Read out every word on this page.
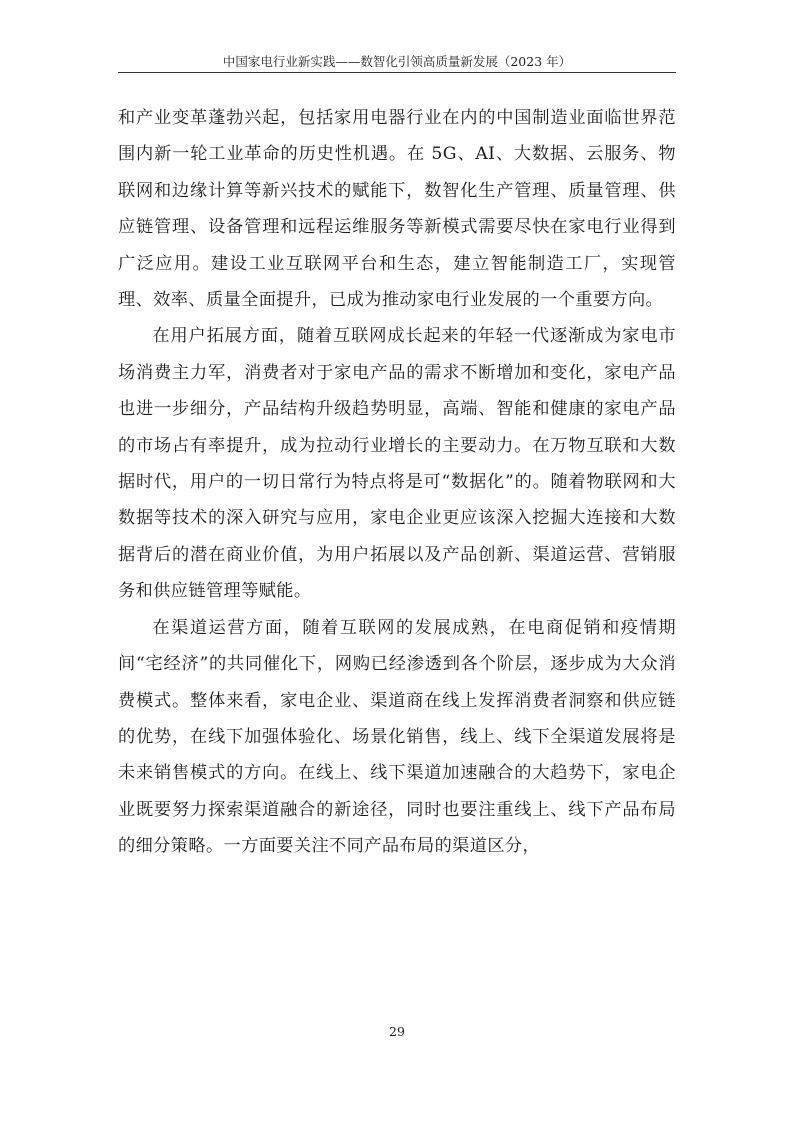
中国家电行业新实践——数智化引领高质量新发展（2023 年）

和产业变革蓬勃兴起，包括家用电器行业在内的中国制造业面临世界范围内新一轮工业革命的历史性机遇。在 5G、AI、大数据、云服务、物联网和边缘计算等新兴技术的赋能下，数智化生产管理、质量管理、供应链管理、设备管理和远程运维服务等新模式需要尽快在家电行业得到广泛应用。建设工业互联网平台和生态，建立智能制造工厂，实现管理、效率、质量全面提升，已成为推动家电行业发展的一个重要方向。

在用户拓展方面，随着互联网成长起来的年轻一代逐渐成为家电市场消费主力军，消费者对于家电产品的需求不断增加和变化，家电产品也进一步细分，产品结构升级趋势明显，高端、智能和健康的家电产品的市场占有率提升，成为拉动行业增长的主要动力。在万物互联和大数据时代，用户的一切日常行为特点将是可“数据化”的。随着物联网和大数据等技术的深入研究与应用，家电企业更应该深入挖掘大连接和大数据背后的潜在商业价值，为用户拓展以及产品创新、渠道运营、营销服务和供应链管理等赋能。

在渠道运营方面，随着互联网的发展成熟，在电商促销和疫情期间“宅经济”的共同催化下，网购已经渗透到各个阶层，逐步成为大众消费模式。整体来看，家电企业、渠道商在线上发挥消费者洞察和供应链的优势，在线下加强体验化、场景化销售，线上、线下全渠道发展将是未来销售模式的方向。在线上、线下渠道加速融合的大趋势下，家电企业既要努力探索渠道融合的新途径，同时也要注重线上、线下产品布局的细分策略。一方面要关注不同产品布局的渠道区分，

29
